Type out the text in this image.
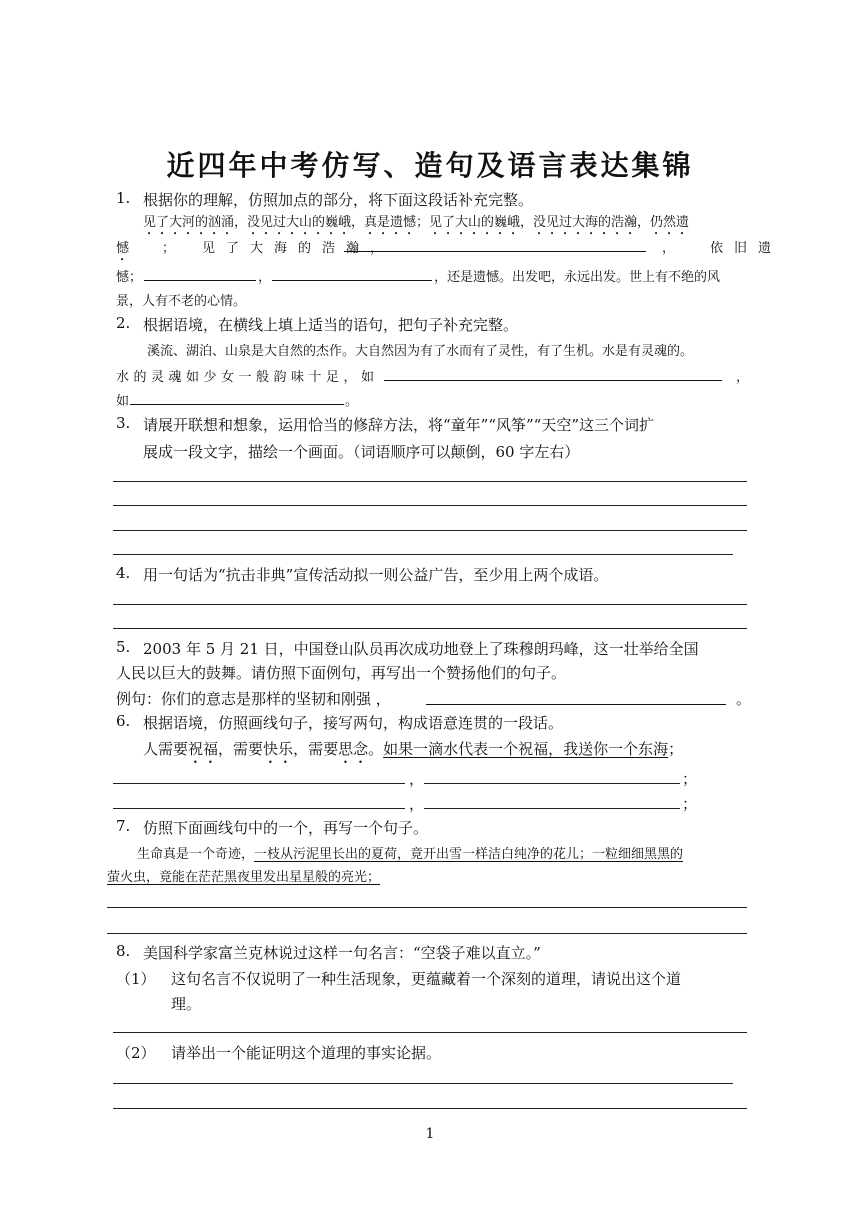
近四年中考仿写、造句及语言表达集锦
1. 根据你的理解，仿照加点的部分，将下面这段话补充完整。
见了大河的汹涌，没见过大山的巍峨，真是遗憾；见了大山的巍峨，没见过大海的浩瀚，仍然遗
憾	； 见了大海的浩瀚，	，	依旧遗
憾；	，	，还是遗憾。出发吧，永远出发。世上有不绝的风
景，人有不老的心情。
2. 根据语境，在横线上填上适当的语句，把句子补充完整。
溪流、湖泊、山泉是大自然的杰作。大自然因为有了水而有了灵性，有了生机。水是有灵魂的。
水的灵魂如少女一般韵味十足，如	，
如	。
3. 请展开联想和想象，运用恰当的修辞方法，将“童年”“风筝”“天空”这三个词扩
展成一段文字，描绘一个画面。（词语顺序可以颠倒，60 字左右）
4. 用一句话为“抗击非典”宣传活动拟一则公益广告，至少用上两个成语。
5. 2003 年 5 月 21 日，中国登山队员再次成功地登上了珠穆朗玛峰，这一壮举给全国
人民以巨大的鼓舞。请仿照下面例句，再写出一个赞扬他们的句子。
例句：你们的意志是那样的坚韧和刚强 ，	。
6. 根据语境，仿照画线句子，接写两句，构成语意连贯的一段话。
人需要祝福，需要快乐，需要思念。如果一滴水代表一个祝福，我送你一个东海；
，	；
，	；
7. 仿照下面画线句中的一个，再写一个句子。
生命真是一个奇迹，一枝从污泥里长出的夏荷，竟开出雪一样洁白纯净的花儿；一粒细细黑黑的
萤火虫，竟能在茫茫黑夜里发出星星般的亮光；
8. 美国科学家富兰克林说过这样一句名言：“空袋子难以直立。”
（1） 这句名言不仅说明了一种生活现象，更蕴藏着一个深刻的道理，请说出这个道
理。
（2） 请举出一个能证明这个道理的事实论据。
1
